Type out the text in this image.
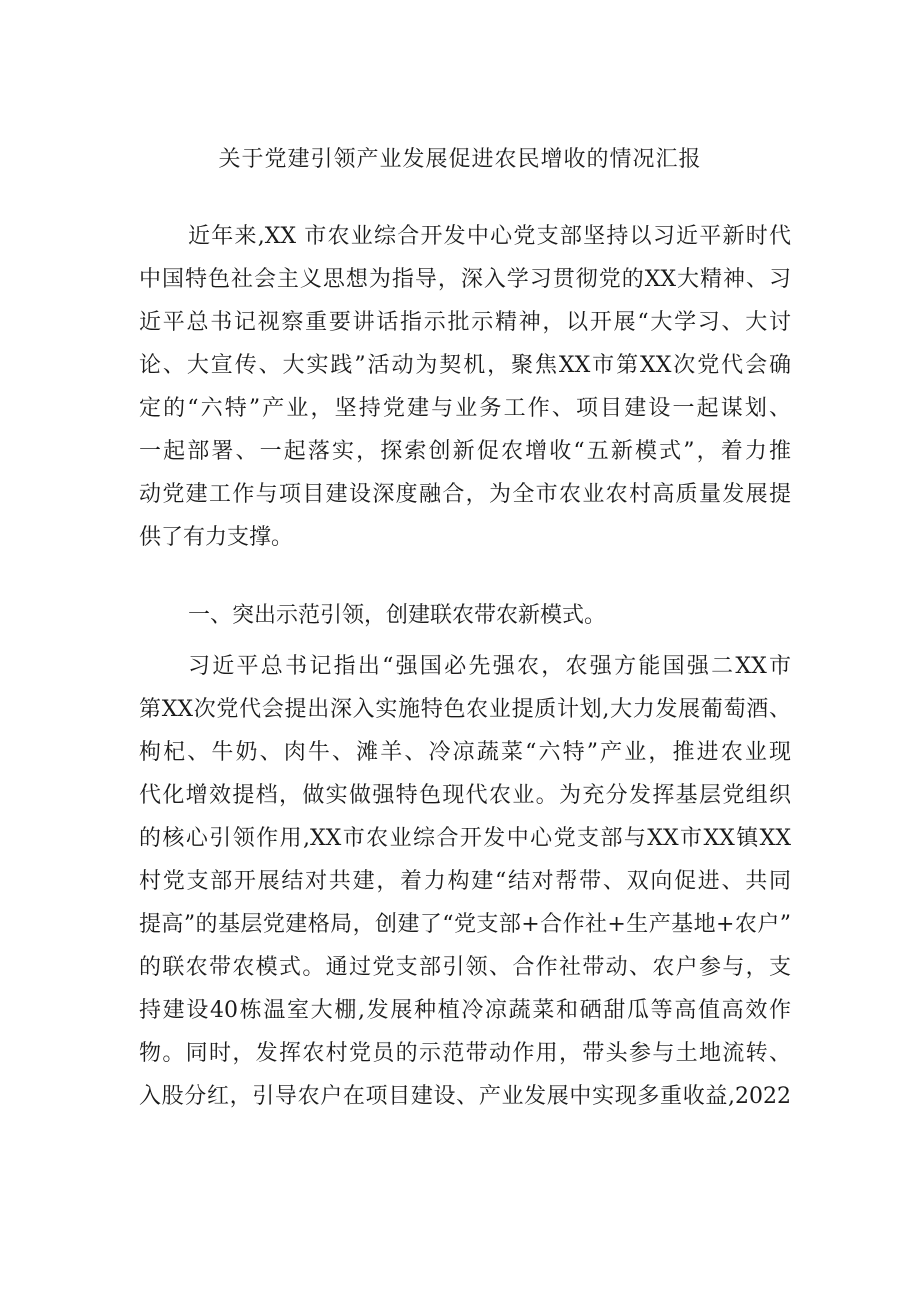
关于党建引领产业发展促进农民增收的情况汇报
近年来,XX 市农业综合开发中心党支部坚持以习近平新时代
中国特色社会主义思想为指导，深入学习贯彻党的XX大精神、习
近平总书记视察重要讲话指示批示精神，以开展“大学习、大讨
论、大宣传、大实践”活动为契机，聚焦XX市第XX次党代会确
定的“六特”产业，坚持党建与业务工作、项目建设一起谋划、
一起部署、一起落实，探索创新促农增收“五新模式”，着力推
动党建工作与项目建设深度融合，为全市农业农村高质量发展提
供了有力支撑。
一、突出示范引领，创建联农带农新模式。
习近平总书记指出“强国必先强农，农强方能国强二XX市
第XX次党代会提出深入实施特色农业提质计划,大力发展葡萄酒、
枸杞、牛奶、肉牛、滩羊、冷凉蔬菜“六特”产业，推进农业现
代化增效提档，做实做强特色现代农业。为充分发挥基层党组织
的核心引领作用,XX市农业综合开发中心党支部与XX市XX镇XX
村党支部开展结对共建，着力构建“结对帮带、双向促进、共同
提高”的基层党建格局，创建了“党支部+合作社+生产基地+农户”
的联农带农模式。通过党支部引领、合作社带动、农户参与，支
持建设40栋温室大棚,发展种植冷凉蔬菜和硒甜瓜等高值高效作
物。同时，发挥农村党员的示范带动作用，带头参与土地流转、
入股分红，引导农户在项目建设、产业发展中实现多重收益,2022
